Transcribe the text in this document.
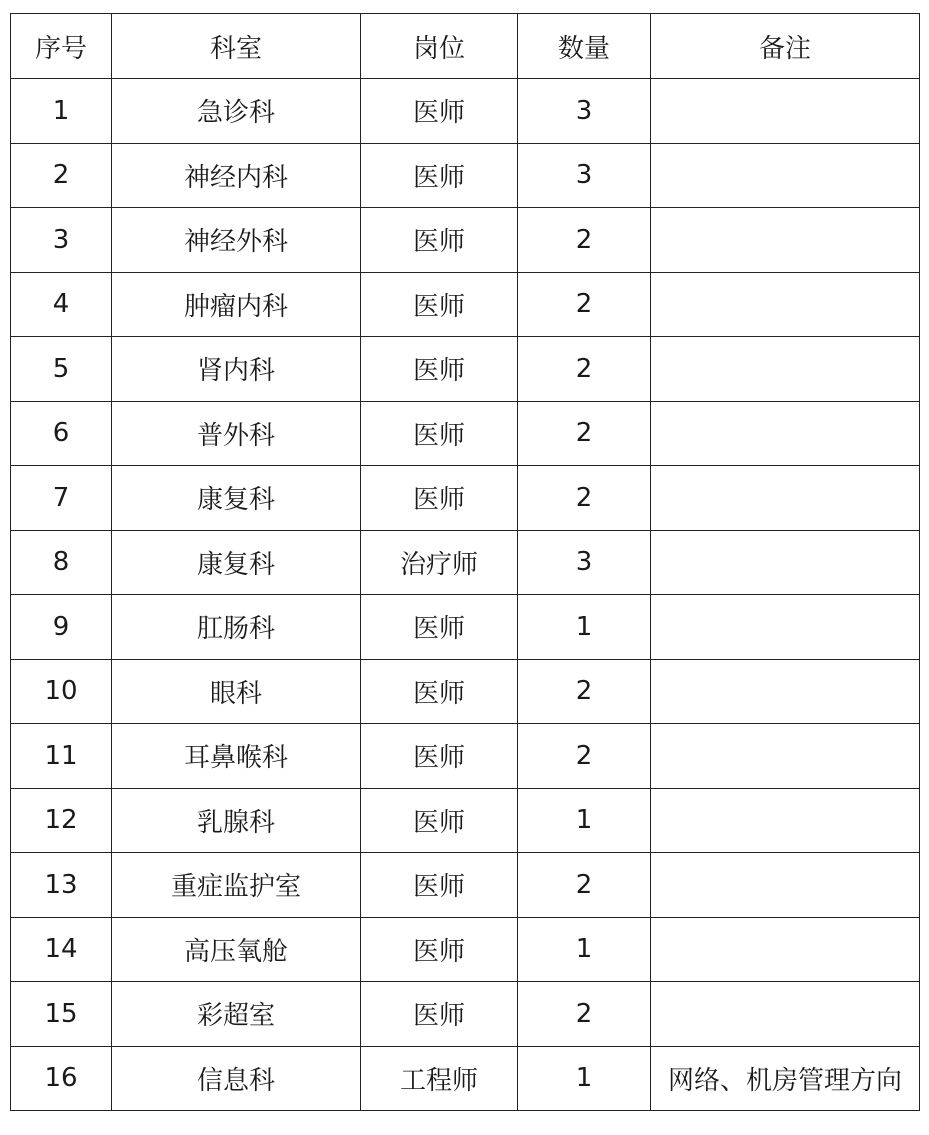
序号	科室	岗位	数量	备注
1	急诊科	医师	3	
2	神经内科	医师	3	
3	神经外科	医师	2	
4	肿瘤内科	医师	2	
5	肾内科	医师	2	
6	普外科	医师	2	
7	康复科	医师	2	
8	康复科	治疗师	3	
9	肛肠科	医师	1	
10	眼科	医师	2	
11	耳鼻喉科	医师	2	
12	乳腺科	医师	1	
13	重症监护室	医师	2	
14	高压氧舱	医师	1	
15	彩超室	医师	2	
16	信息科	工程师	1	网络、机房管理方向
